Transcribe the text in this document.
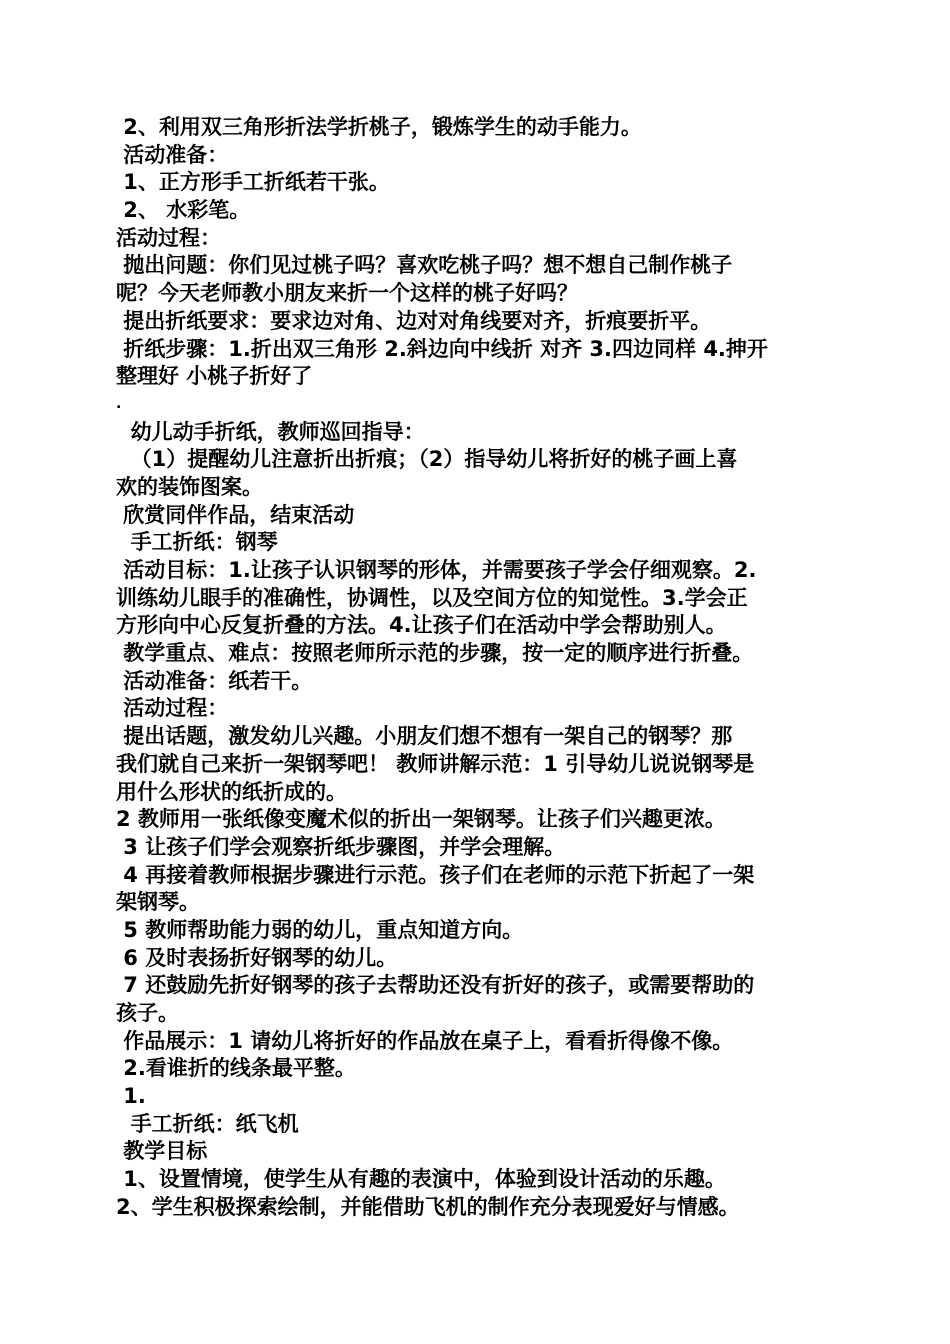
2、利用双三角形折法学折桃子，锻炼学生的动手能力。
活动准备：
1、正方形手工折纸若干张。
2、 水彩笔。
活动过程：
抛出问题：你们见过桃子吗？喜欢吃桃子吗？想不想自己制作桃子
呢？今天老师教小朋友来折一个这样的桃子好吗？
提出折纸要求：要求边对角、边对对角线要对齐，折痕要折平。
折纸步骤：1.折出双三角形 2.斜边向中线折 对齐 3.四边同样 4.抻开
整理好 小桃子折好了
.
幼儿动手折纸，教师巡回指导：
（1）提醒幼儿注意折出折痕；（2）指导幼儿将折好的桃子画上喜
欢的装饰图案。
欣赏同伴作品，结束活动
手工折纸：钢琴
活动目标：1.让孩子认识钢琴的形体，并需要孩子学会仔细观察。2.
训练幼儿眼手的准确性，协调性，以及空间方位的知觉性。3.学会正
方形向中心反复折叠的方法。4.让孩子们在活动中学会帮助别人。
教学重点、难点：按照老师所示范的步骤，按一定的顺序进行折叠。
活动准备：纸若干。
活动过程：
提出话题，激发幼儿兴趣。小朋友们想不想有一架自己的钢琴？那
我们就自己来折一架钢琴吧！ 教师讲解示范：1 引导幼儿说说钢琴是
用什么形状的纸折成的。
2 教师用一张纸像变魔术似的折出一架钢琴。让孩子们兴趣更浓。
3 让孩子们学会观察折纸步骤图，并学会理解。
4 再接着教师根据步骤进行示范。孩子们在老师的示范下折起了一架
架钢琴。
5 教师帮助能力弱的幼儿，重点知道方向。
6 及时表扬折好钢琴的幼儿。
7 还鼓励先折好钢琴的孩子去帮助还没有折好的孩子，或需要帮助的
孩子。
作品展示：1 请幼儿将折好的作品放在桌子上，看看折得像不像。
2.看谁折的线条最平整。
1.
手工折纸：纸飞机
教学目标
1、设置情境，使学生从有趣的表演中，体验到设计活动的乐趣。
2、学生积极探索绘制，并能借助飞机的制作充分表现爱好与情感。
